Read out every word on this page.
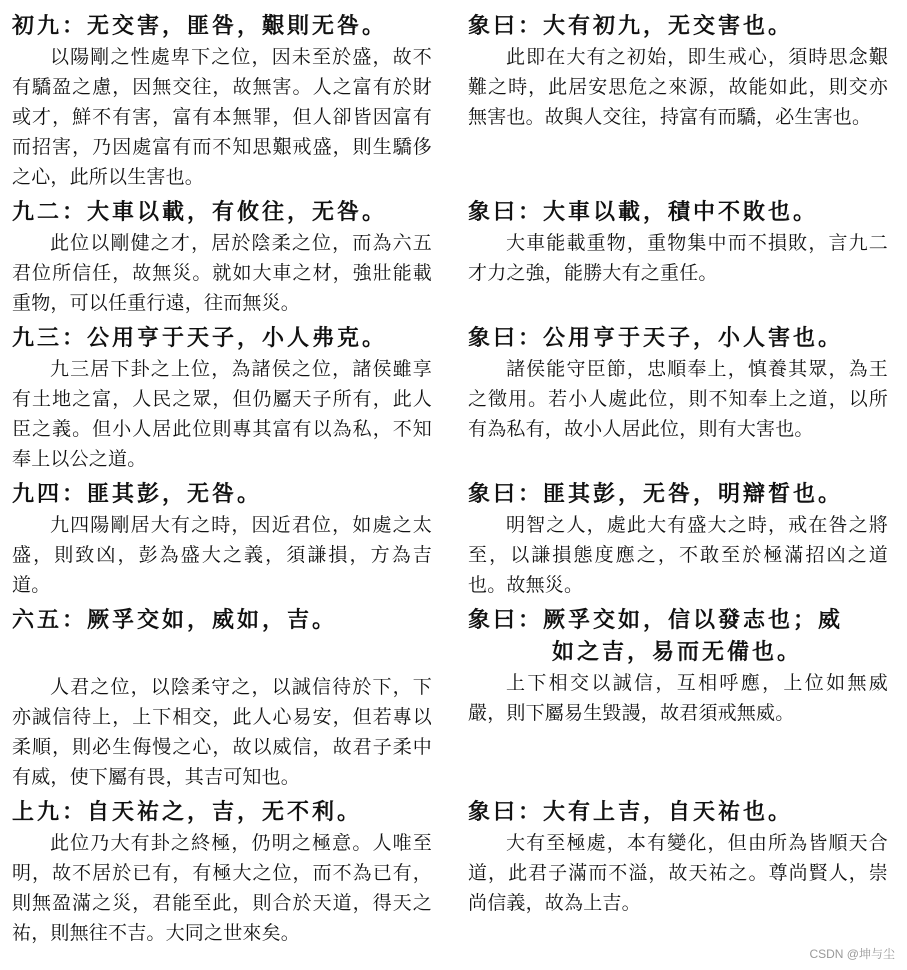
初九：无交害，匪咎，艱則无咎。
以陽剛之性處卑下之位，因未至於盛，故不有驕盈之慮，因無交往，故無害。人之富有於財或才，鮮不有害，富有本無罪，但人卻皆因富有而招害，乃因處富有而不知思艱戒盛，則生驕侈之心，此所以生害也。
九二：大車以載，有攸往，无咎。
此位以剛健之才，居於陰柔之位，而為六五君位所信任，故無災。就如大車之材，強壯能載重物，可以任重行遠，往而無災。
九三：公用亨于天子，小人弗克。
九三居下卦之上位，為諸侯之位，諸侯雖享有土地之富，人民之眾，但仍屬天子所有，此人臣之義。但小人居此位則專其富有以為私，不知奉上以公之道。
九四：匪其彭，无咎。
九四陽剛居大有之時，因近君位，如處之太盛，則致凶，彭為盛大之義，須謙損，方為吉道。
六五：厥孚交如，威如，吉。
人君之位，以陰柔守之，以誠信待於下，下亦誠信待上，上下相交，此人心易安，但若專以柔順，則必生侮慢之心，故以威信，故君子柔中有威，使下屬有畏，其吉可知也。
上九：自天祐之，吉，无不利。
此位乃大有卦之終極，仍明之極意。人唯至明，故不居於已有，有極大之位，而不為已有，則無盈滿之災，君能至此，則合於天道，得天之祐，則無往不吉。大同之世來矣。
象曰：大有初九，无交害也。
此即在大有之初始，即生戒心，須時思念艱難之時，此居安思危之來源，故能如此，則交亦無害也。故與人交往，持富有而驕，必生害也。
象曰：大車以載，積中不敗也。
大車能載重物，重物集中而不損敗，言九二才力之強，能勝大有之重任。
象曰：公用亨于天子，小人害也。
諸侯能守臣節，忠順奉上，慎養其眾，為王之徵用。若小人處此位，則不知奉上之道，以所有為私有，故小人居此位，則有大害也。
象曰：匪其彭，无咎，明辯晳也。
明智之人，處此大有盛大之時，戒在咎之將至，以謙損態度應之，不敢至於極滿招凶之道也。故無災。
象曰：厥孚交如，信以發志也；威
如之吉，易而无備也。
上下相交以誠信，互相呼應，上位如無威嚴，則下屬易生毀謾，故君須戒無威。
象曰：大有上吉，自天祐也。
大有至極處，本有變化，但由所為皆順天合道，此君子滿而不溢，故天祐之。尊尚賢人，崇尚信義，故為上吉。
CSDN @坤与尘
